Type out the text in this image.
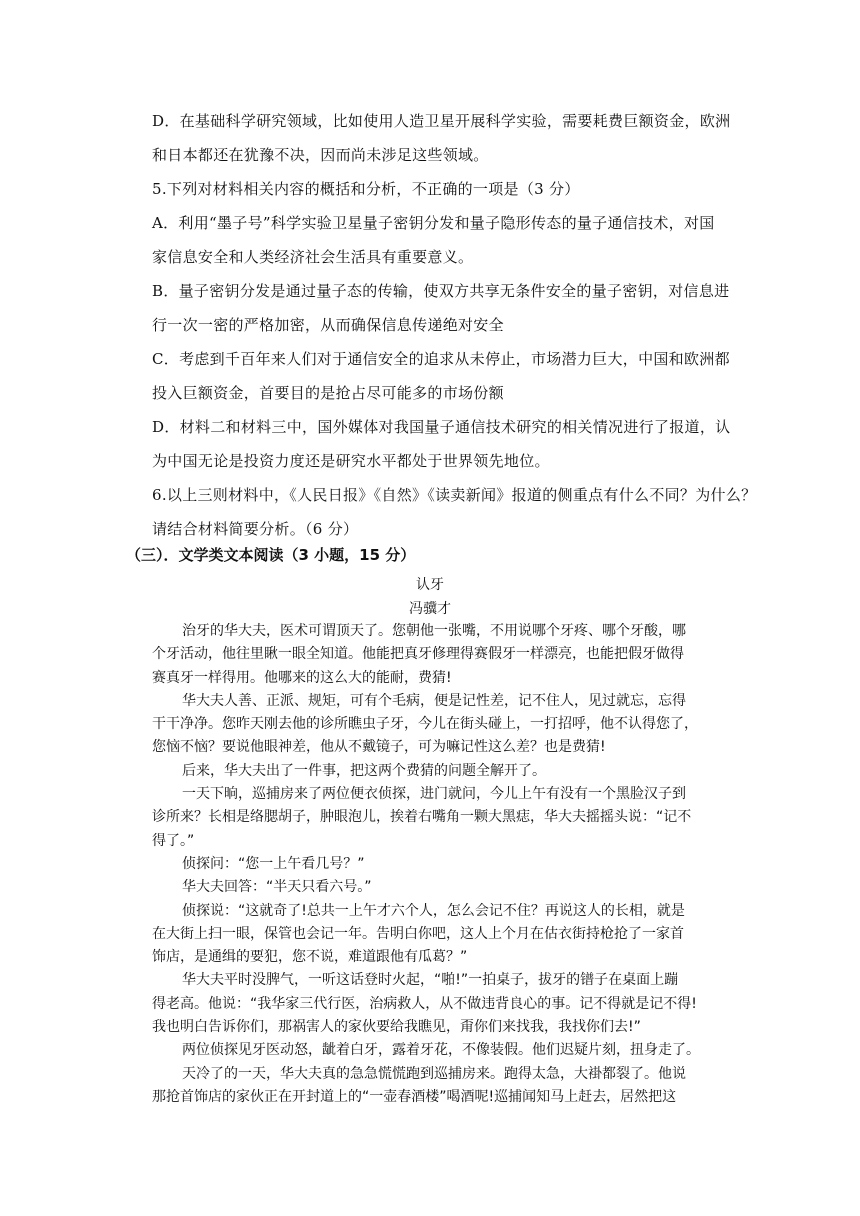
D．在基础科学研究领域，比如使用人造卫星开展科学实验，需要耗费巨额资金，欧洲
和日本都还在犹豫不决，因而尚未涉足这些领域。
5.下列对材料相关内容的概括和分析，不正确的一项是（3 分）
A．利用“墨子号”科学实验卫星量子密钥分发和量子隐形传态的量子通信技术，对国
家信息安全和人类经济社会生活具有重要意义。
B．量子密钥分发是通过量子态的传输，使双方共享无条件安全的量子密钥，对信息进
行一次一密的严格加密，从而确保信息传递绝对安全
C．考虑到千百年来人们对于通信安全的追求从未停止，市场潜力巨大，中国和欧洲都
投入巨额资金，首要目的是抢占尽可能多的市场份额
D．材料二和材料三中，国外媒体对我国量子通信技术研究的相关情况进行了报道，认
为中国无论是投资力度还是研究水平都处于世界领先地位。
6.以上三则材料中，《人民日报》《自然》《读卖新闻》报道的侧重点有什么不同？为什么？
请结合材料简要分析。（6 分）
（三）．文学类文本阅读（3 小题，15 分）
认牙
冯骥才
治牙的华大夫，医术可谓顶天了。您朝他一张嘴，不用说哪个牙疼、哪个牙酸，哪
个牙活动，他往里瞅一眼全知道。他能把真牙修理得赛假牙一样漂亮，也能把假牙做得
赛真牙一样得用。他哪来的这么大的能耐，费猜!
华大夫人善、正派、规矩，可有个毛病，便是记性差，记不住人，见过就忘，忘得
干干净净。您昨天刚去他的诊所瞧虫子牙，今儿在街头碰上，一打招呼，他不认得您了，
您恼不恼？要说他眼神差，他从不戴镜子，可为嘛记性这么差？也是费猜!
后来，华大夫出了一件事，把这两个费猜的问题全解开了。
一天下晌，巡捕房来了两位便衣侦探，进门就问，今儿上午有没有一个黑脸汉子到
诊所来？长相是络腮胡子，肿眼泡儿，挨着右嘴角一颗大黑痣，华大夫摇摇头说：“记不
得了。”
侦探问：“您一上午看几号？”
华大夫回答：“半天只看六号。”
侦探说：“这就奇了!总共一上午才六个人，怎么会记不住？再说这人的长相，就是
在大街上扫一眼，保管也会记一年。告明白你吧，这人上个月在估衣街持枪抢了一家首
饰店，是通缉的要犯，您不说，难道跟他有瓜葛？”
华大夫平时没脾气，一听这话登时火起，“啪!”一拍桌子，拔牙的镨子在桌面上蹦
得老高。他说：“我华家三代行医，治病救人，从不做违背良心的事。记不得就是记不得!
我也明白告诉你们，那祸害人的家伙要给我瞧见，甭你们来找我，我找你们去!”
两位侦探见牙医动怒，龇着白牙，露着牙花，不像装假。他们迟疑片刻，扭身走了。
天冷了的一天，华大夫真的急急慌慌跑到巡捕房来。跑得太急，大褂都裂了。他说
那抢首饰店的家伙正在开封道上的“一壶春酒楼”喝酒呢!巡捕闻知马上赶去，居然把这
